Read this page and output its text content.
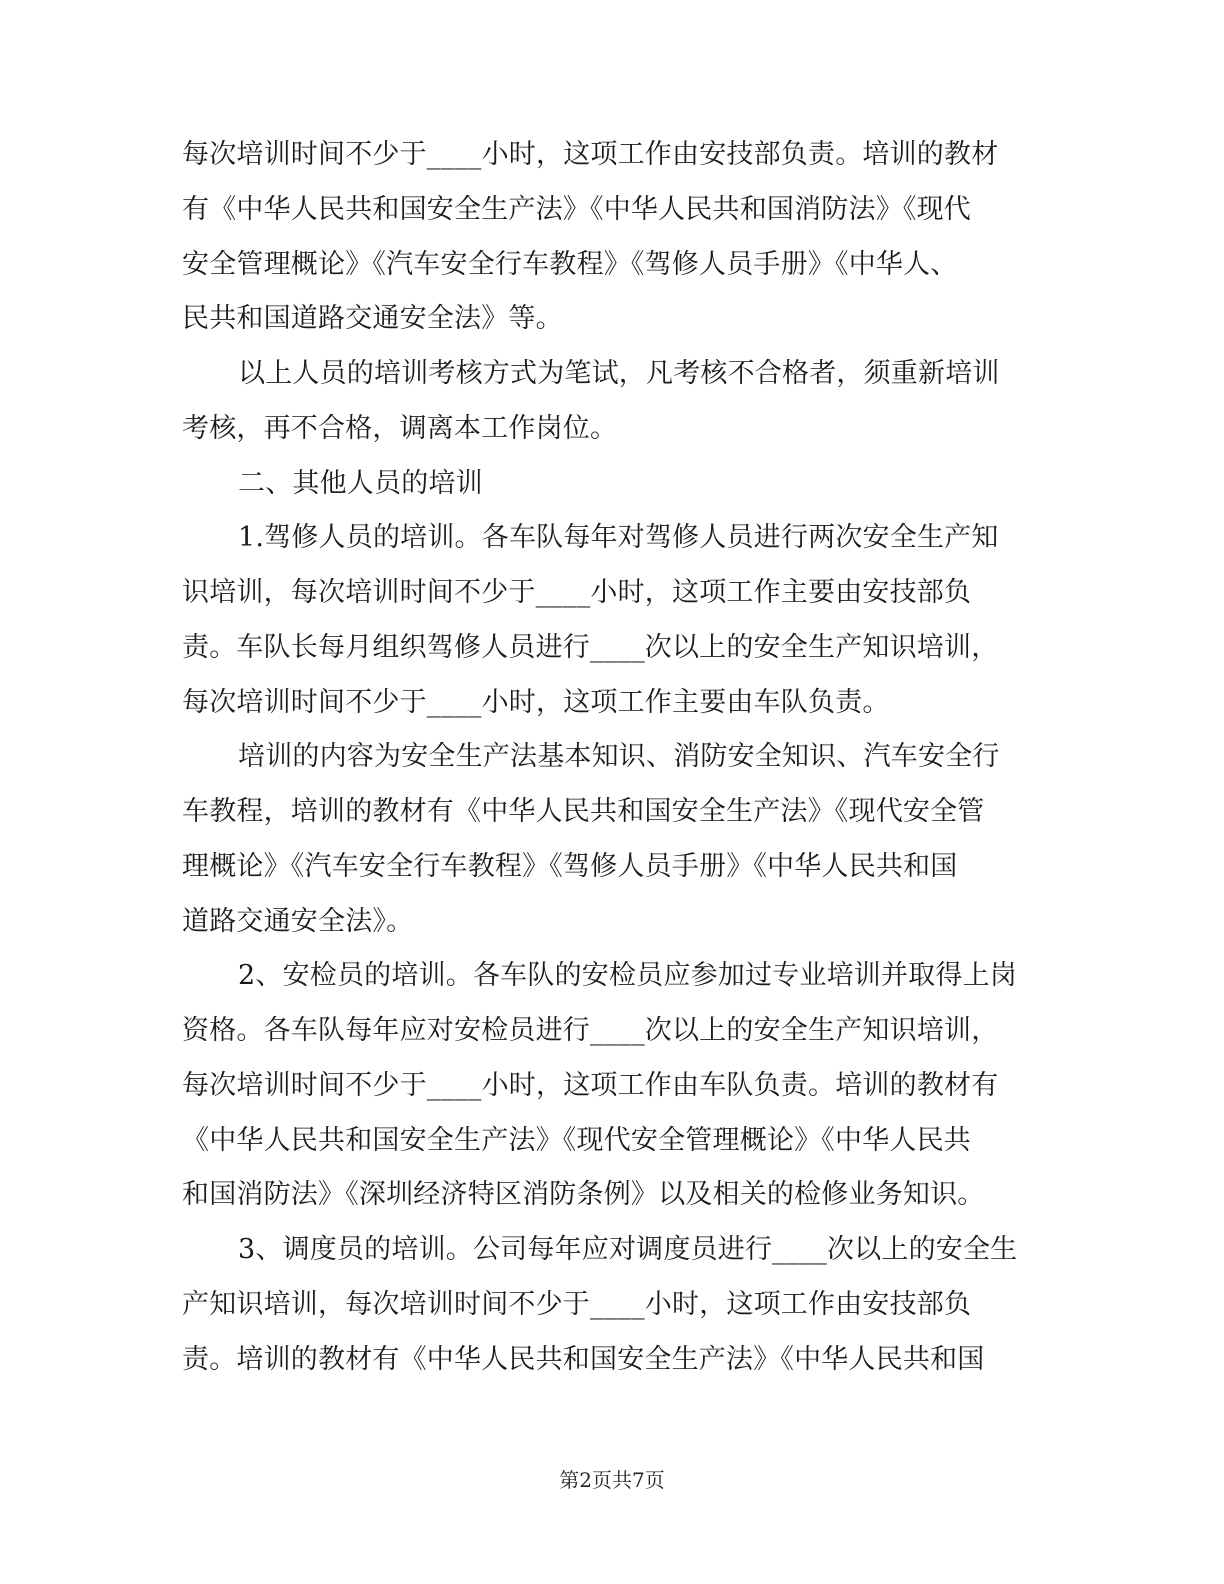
每次培训时间不少于____小时，这项工作由安技部负责。培训的教材
有《中华人民共和国安全生产法》《中华人民共和国消防法》《现代
安全管理概论》《汽车安全行车教程》《驾修人员手册》《中华人、
民共和国道路交通安全法》等。
以上人员的培训考核方式为笔试，凡考核不合格者，须重新培训
考核，再不合格，调离本工作岗位。
二、其他人员的培训
1.驾修人员的培训。各车队每年对驾修人员进行两次安全生产知
识培训，每次培训时间不少于____小时，这项工作主要由安技部负
责。车队长每月组织驾修人员进行____次以上的安全生产知识培训，
每次培训时间不少于____小时，这项工作主要由车队负责。
培训的内容为安全生产法基本知识、消防安全知识、汽车安全行
车教程，培训的教材有《中华人民共和国安全生产法》《现代安全管
理概论》《汽车安全行车教程》《驾修人员手册》《中华人民共和国
道路交通安全法》。
2、安检员的培训。各车队的安检员应参加过专业培训并取得上岗
资格。各车队每年应对安检员进行____次以上的安全生产知识培训，
每次培训时间不少于____小时，这项工作由车队负责。培训的教材有
《中华人民共和国安全生产法》《现代安全管理概论》《中华人民共
和国消防法》《深圳经济特区消防条例》以及相关的检修业务知识。
3、调度员的培训。公司每年应对调度员进行____次以上的安全生
产知识培训，每次培训时间不少于____小时，这项工作由安技部负
责。培训的教材有《中华人民共和国安全生产法》《中华人民共和国
第2页共7页
